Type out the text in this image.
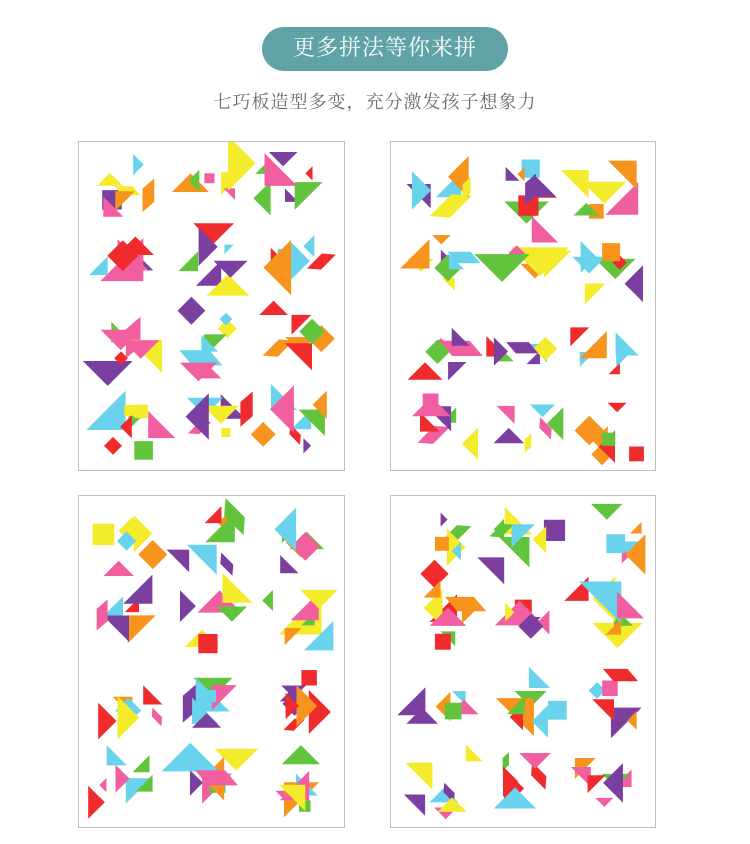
更多拼法等你来拼
七巧板造型多变，充分激发孩子想象力
